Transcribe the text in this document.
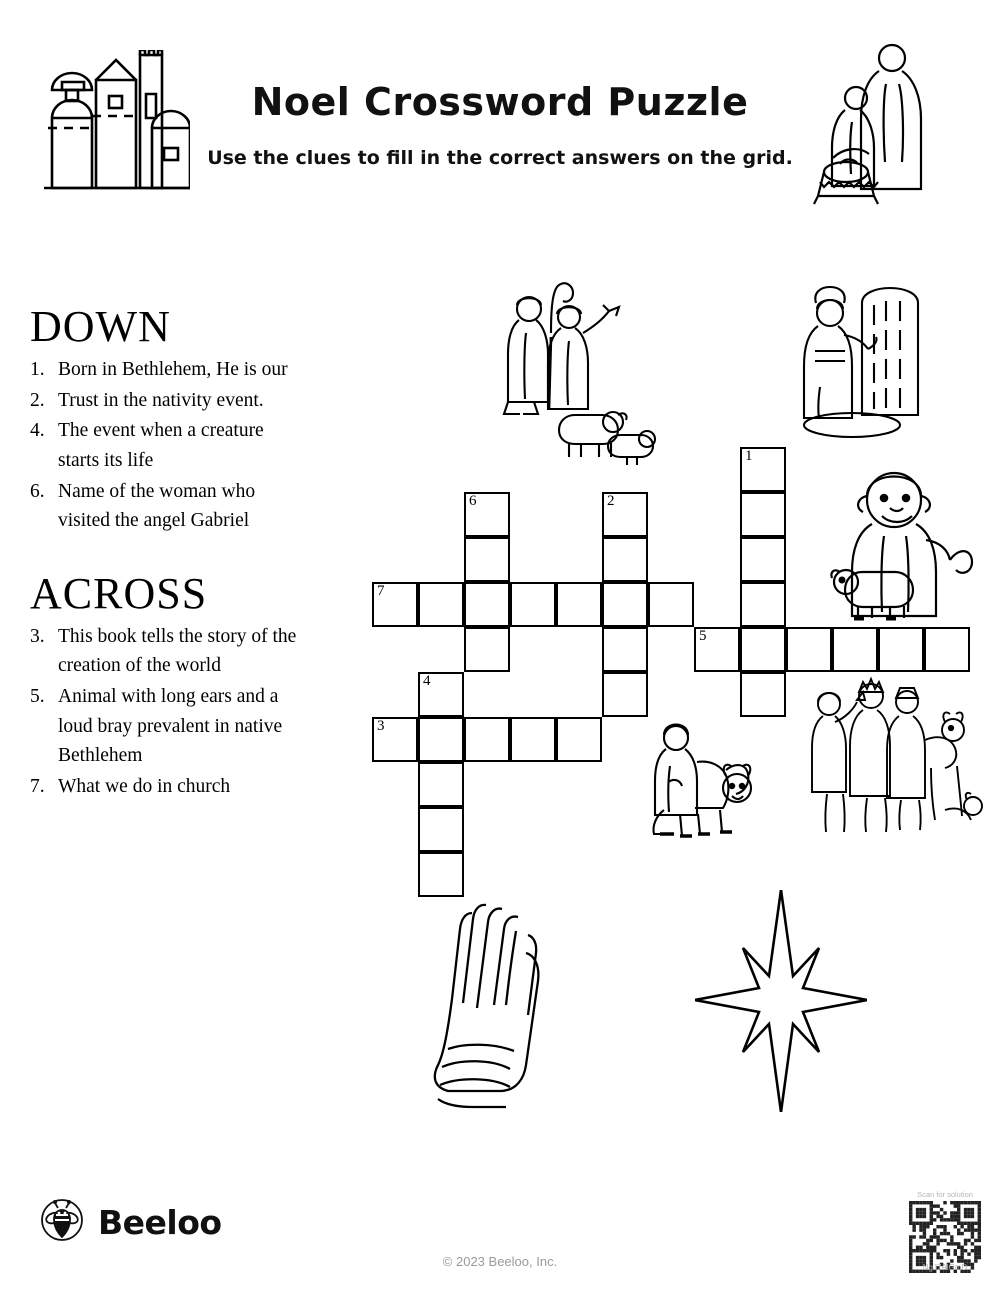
Noel Crossword Puzzle
Use the clues to fill in the correct answers on the grid.
DOWN
1. Born in Bethlehem, He is our
2. Trust in the nativity event.
4. The event when a creature starts its life
6. Name of the woman who visited the angel Gabriel
ACROSS
3. This book tells the story of the creation of the world
5. Animal with long ears and a loud bray prevalent in native Bethlehem
7. What we do in church
1
6	2
7
5
4
3
Beeloo
© 2023 Beeloo, Inc.
Scan for solution
NgJ7AlGmD
